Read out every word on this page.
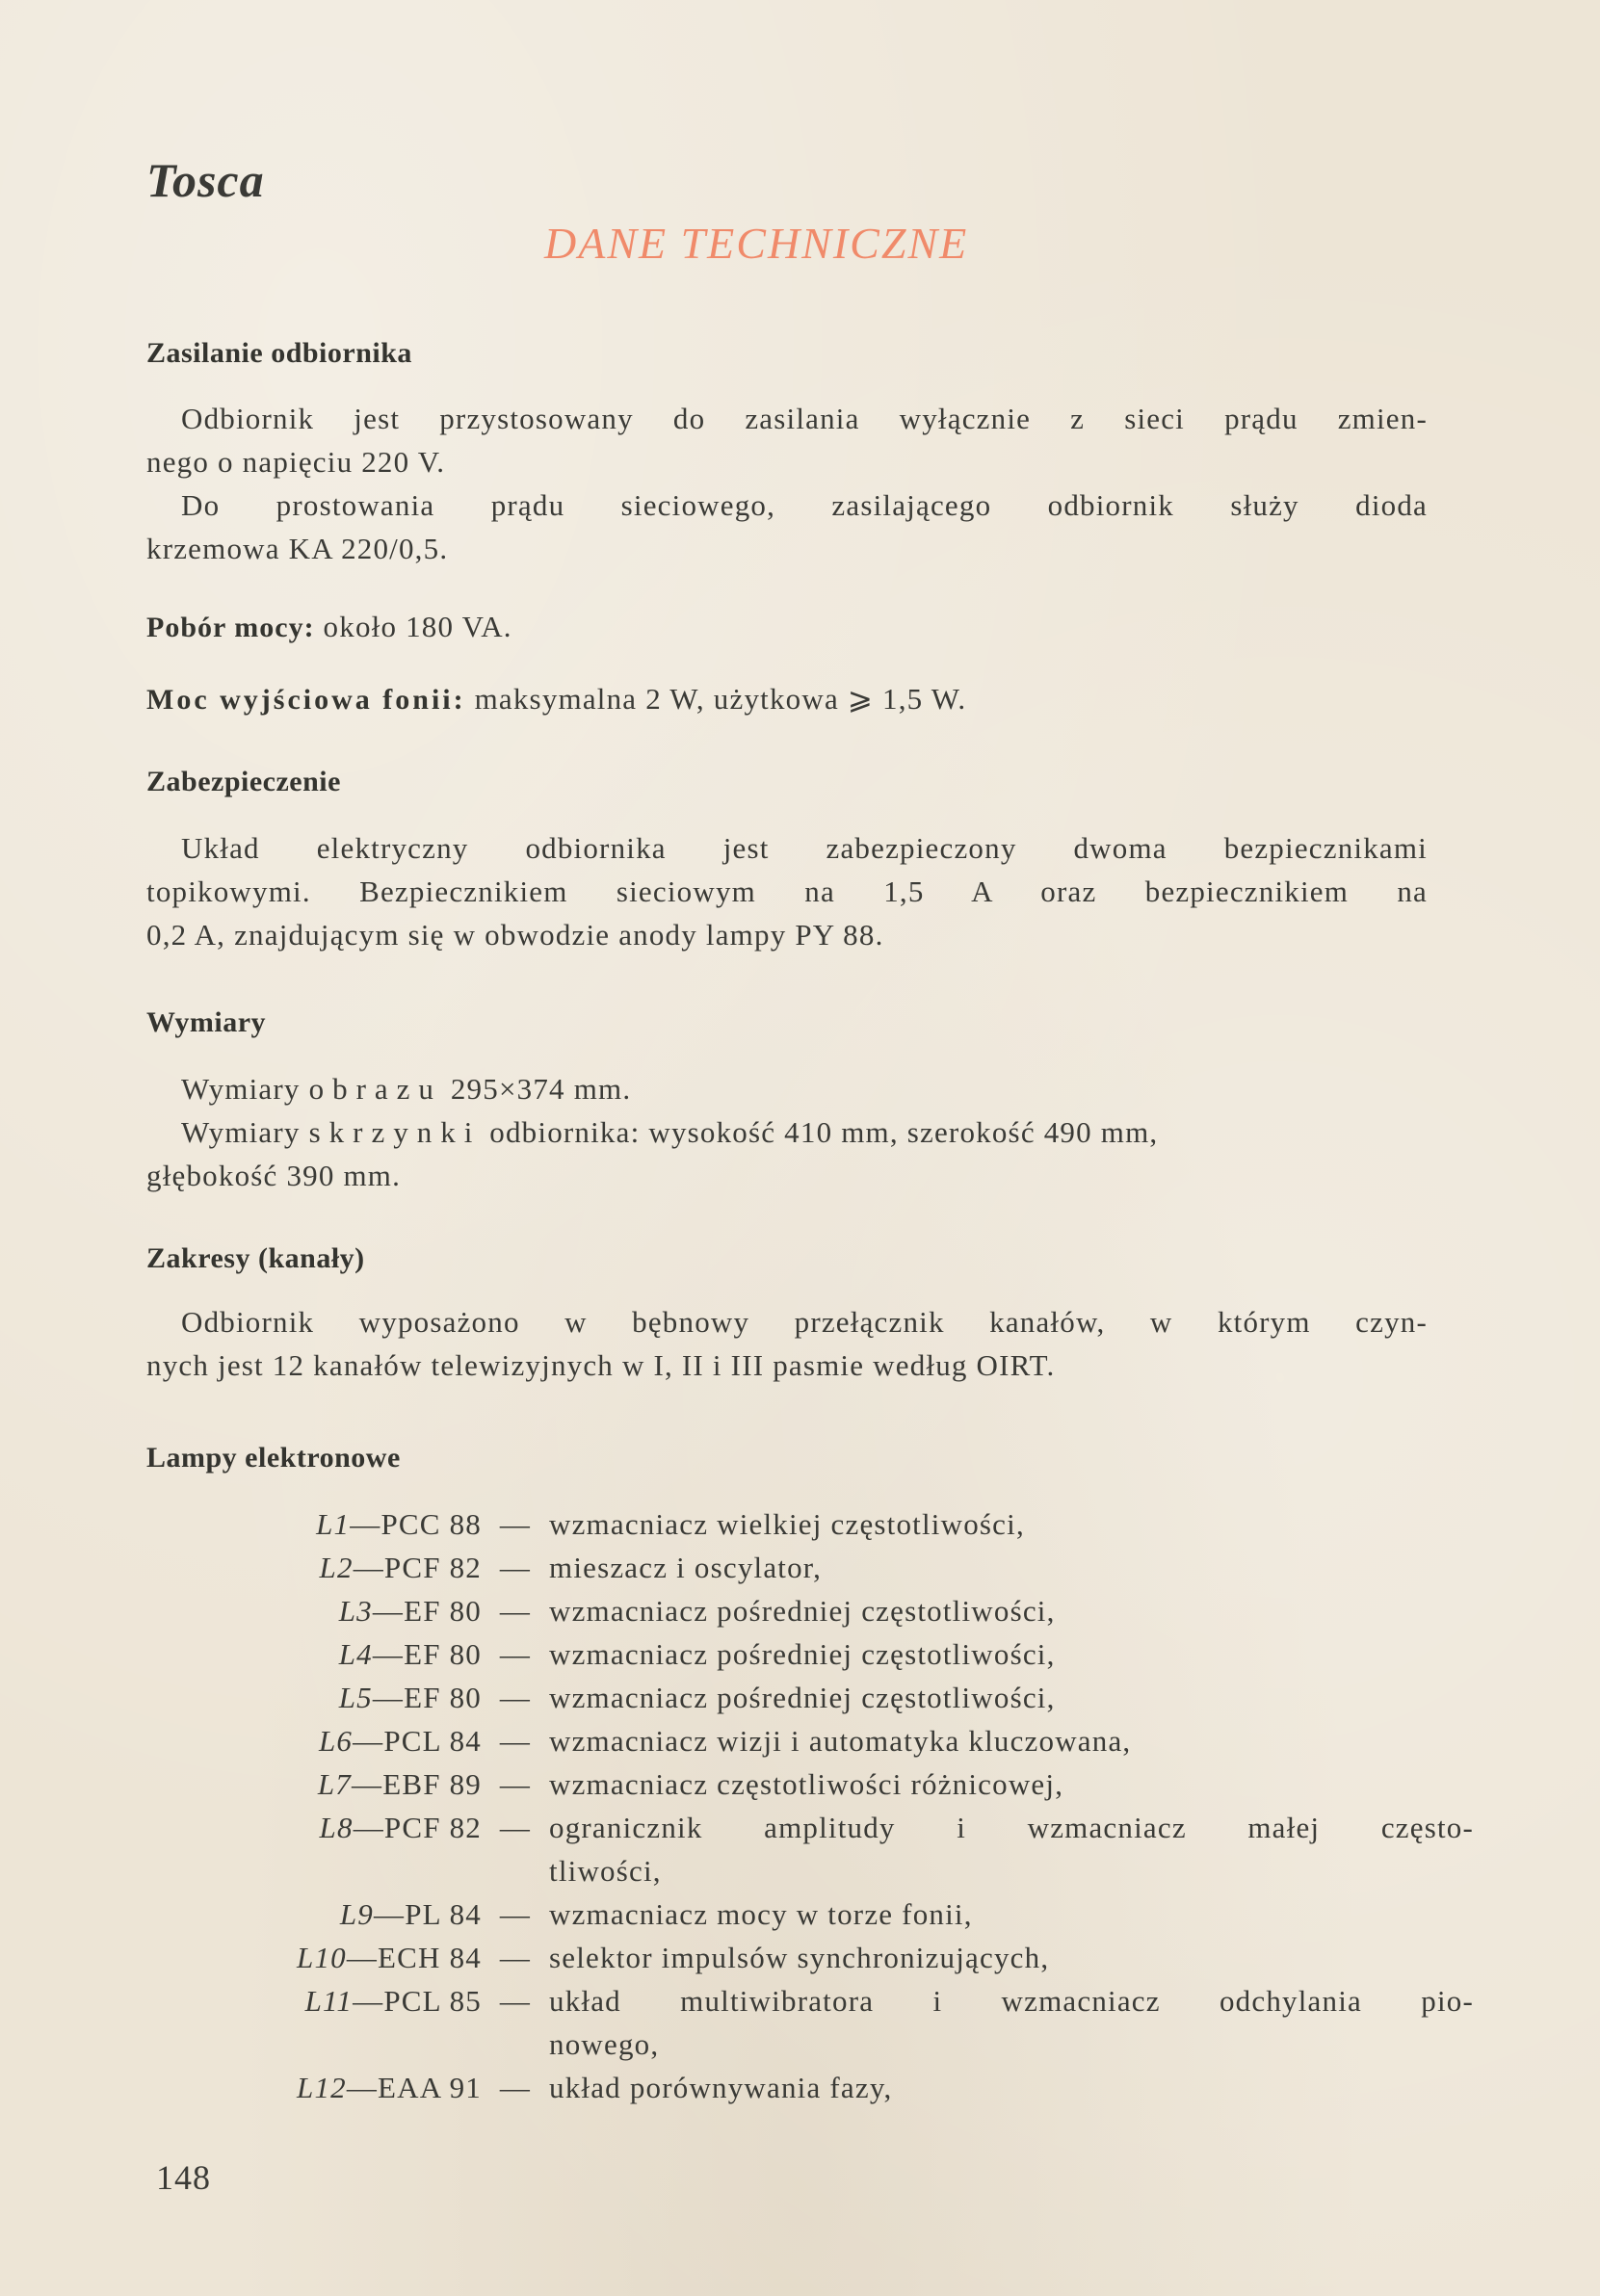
Tosca
DANE TECHNICZNE
Zasilanie odbiornika

Odbiornik jest przystosowany do zasilania wyłącznie z sieci prądu zmien-

nego o napięciu 220 V.

Do prostowania prądu sieciowego, zasilającego odbiornik służy dioda

krzemowa KA 220/0,5.

Pobór mocy: około 180 VA.
Moc wyjściowa fonii: maksymalna 2 W, użytkowa ⩾ 1,5 W.
Zabezpieczenie

Układ elektryczny odbiornika jest zabezpieczony dwoma bezpiecznikami

topikowymi. Bezpiecznikiem sieciowym na 1,5 A oraz bezpiecznikiem na

0,2 A, znajdującym się w obwodzie anody lampy PY 88.

Wymiary

Wymiary obrazu 295×374 mm.

Wymiary skrzynki odbiornika: wysokość 410 mm, szerokość 490 mm,

głębokość 390 mm.

Zakresy (kanały)

Odbiornik wyposażono w bębnowy przełącznik kanałów, w którym czyn-

nych jest 12 kanałów telewizyjnych w I, II i III pasmie według OIRT.

Lampy elektronowe
L1—PCC 88 — wzmacniacz wielkiej częstotliwości,
L2—PCF 82 — mieszacz i oscylator,
L3—EF 80 — wzmacniacz pośredniej częstotliwości,
L4—EF 80 — wzmacniacz pośredniej częstotliwości,
L5—EF 80 — wzmacniacz pośredniej częstotliwości,
L6—PCL 84 — wzmacniacz wizji i automatyka kluczowana,
L7—EBF 89 — wzmacniacz częstotliwości różnicowej,
L8—PCF 82 — ogranicznik amplitudy i wzmacniacz małej często-
tliwości,
L9—PL 84 — wzmacniacz mocy w torze fonii,
L10—ECH 84 — selektor impulsów synchronizujących,
L11—PCL 85 — układ multiwibratora i wzmacniacz odchylania pio-
nowego,
L12—EAA 91 — układ porównywania fazy,
148
